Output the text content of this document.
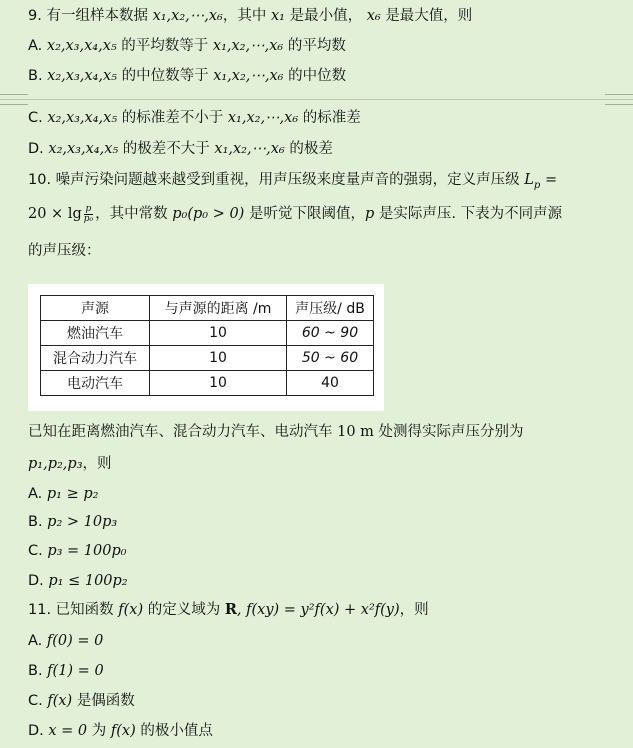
9. 有一组样本数据 x₁,x₂,⋯,x₆，其中 x₁ 是最小值， x₆ 是最大值，则
A. x₂,x₃,x₄,x₅ 的平均数等于 x₁,x₂,⋯,x₆ 的平均数
B. x₂,x₃,x₄,x₅ 的中位数等于 x₁,x₂,⋯,x₆ 的中位数
C. x₂,x₃,x₄,x₅ 的标准差不小于 x₁,x₂,⋯,x₆ 的标准差
D. x₂,x₃,x₄,x₅ 的极差不大于 x₁,x₂,⋯,x₆ 的极差
10. 噪声污染问题越来越受到重视，用声压级来度量声音的强弱，定义声压级 $L_p$ =
$20 \times \lg \frac{p}{\text{p₀}}$ ，其中常数 p₀(p₀ > 0) 是听觉下限阈值，p 是实际声压. 下表为不同声源
的声压级：
声源	与声源的距离 /m	声压级/ dB
燃油汽车	10	60 ~ 90
混合动力汽车	10	50 ~ 60
电动汽车	10	40
已知在距离燃油汽车、混合动力汽车、电动汽车 10 m 处测得实际声压分别为
p₁,p₂,p₃，则
A. p₁ ≥ p₂
B. p₂ > 10p₃
C. p₃ = 100p₀
D. p₁ ≤ 100p₂
11. 已知函数 f(x) 的定义域为 R, f(xy) = y²f(x) + x²f(y)，则
A. f(0) = 0
B. f(1) = 0
C. f(x) 是偶函数
D. x = 0 为 f(x) 的极小值点
